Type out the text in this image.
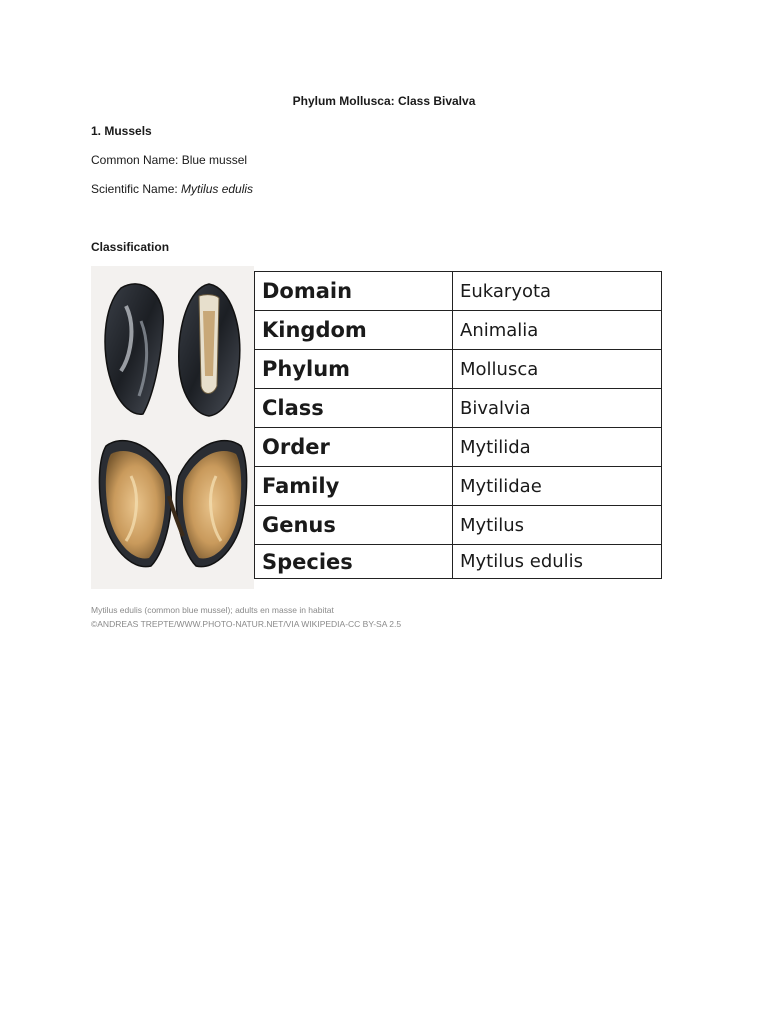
Phylum Mollusca: Class Bivalva
1. Mussels
Common Name: Blue mussel
Scientific Name: Mytilus edulis
Classification
Domain	Eukaryota
Kingdom	Animalia
Phylum	Mollusca
Class	Bivalvia
Order	Mytilida
Family	Mytilidae
Genus	Mytilus
Species	Mytilus edulis
Mytilus edulis (common blue mussel); adults en masse in habitat
©ANDREAS TREPTE/WWW.PHOTO-NATUR.NET/VIA WIKIPEDIA-CC BY-SA 2.5
